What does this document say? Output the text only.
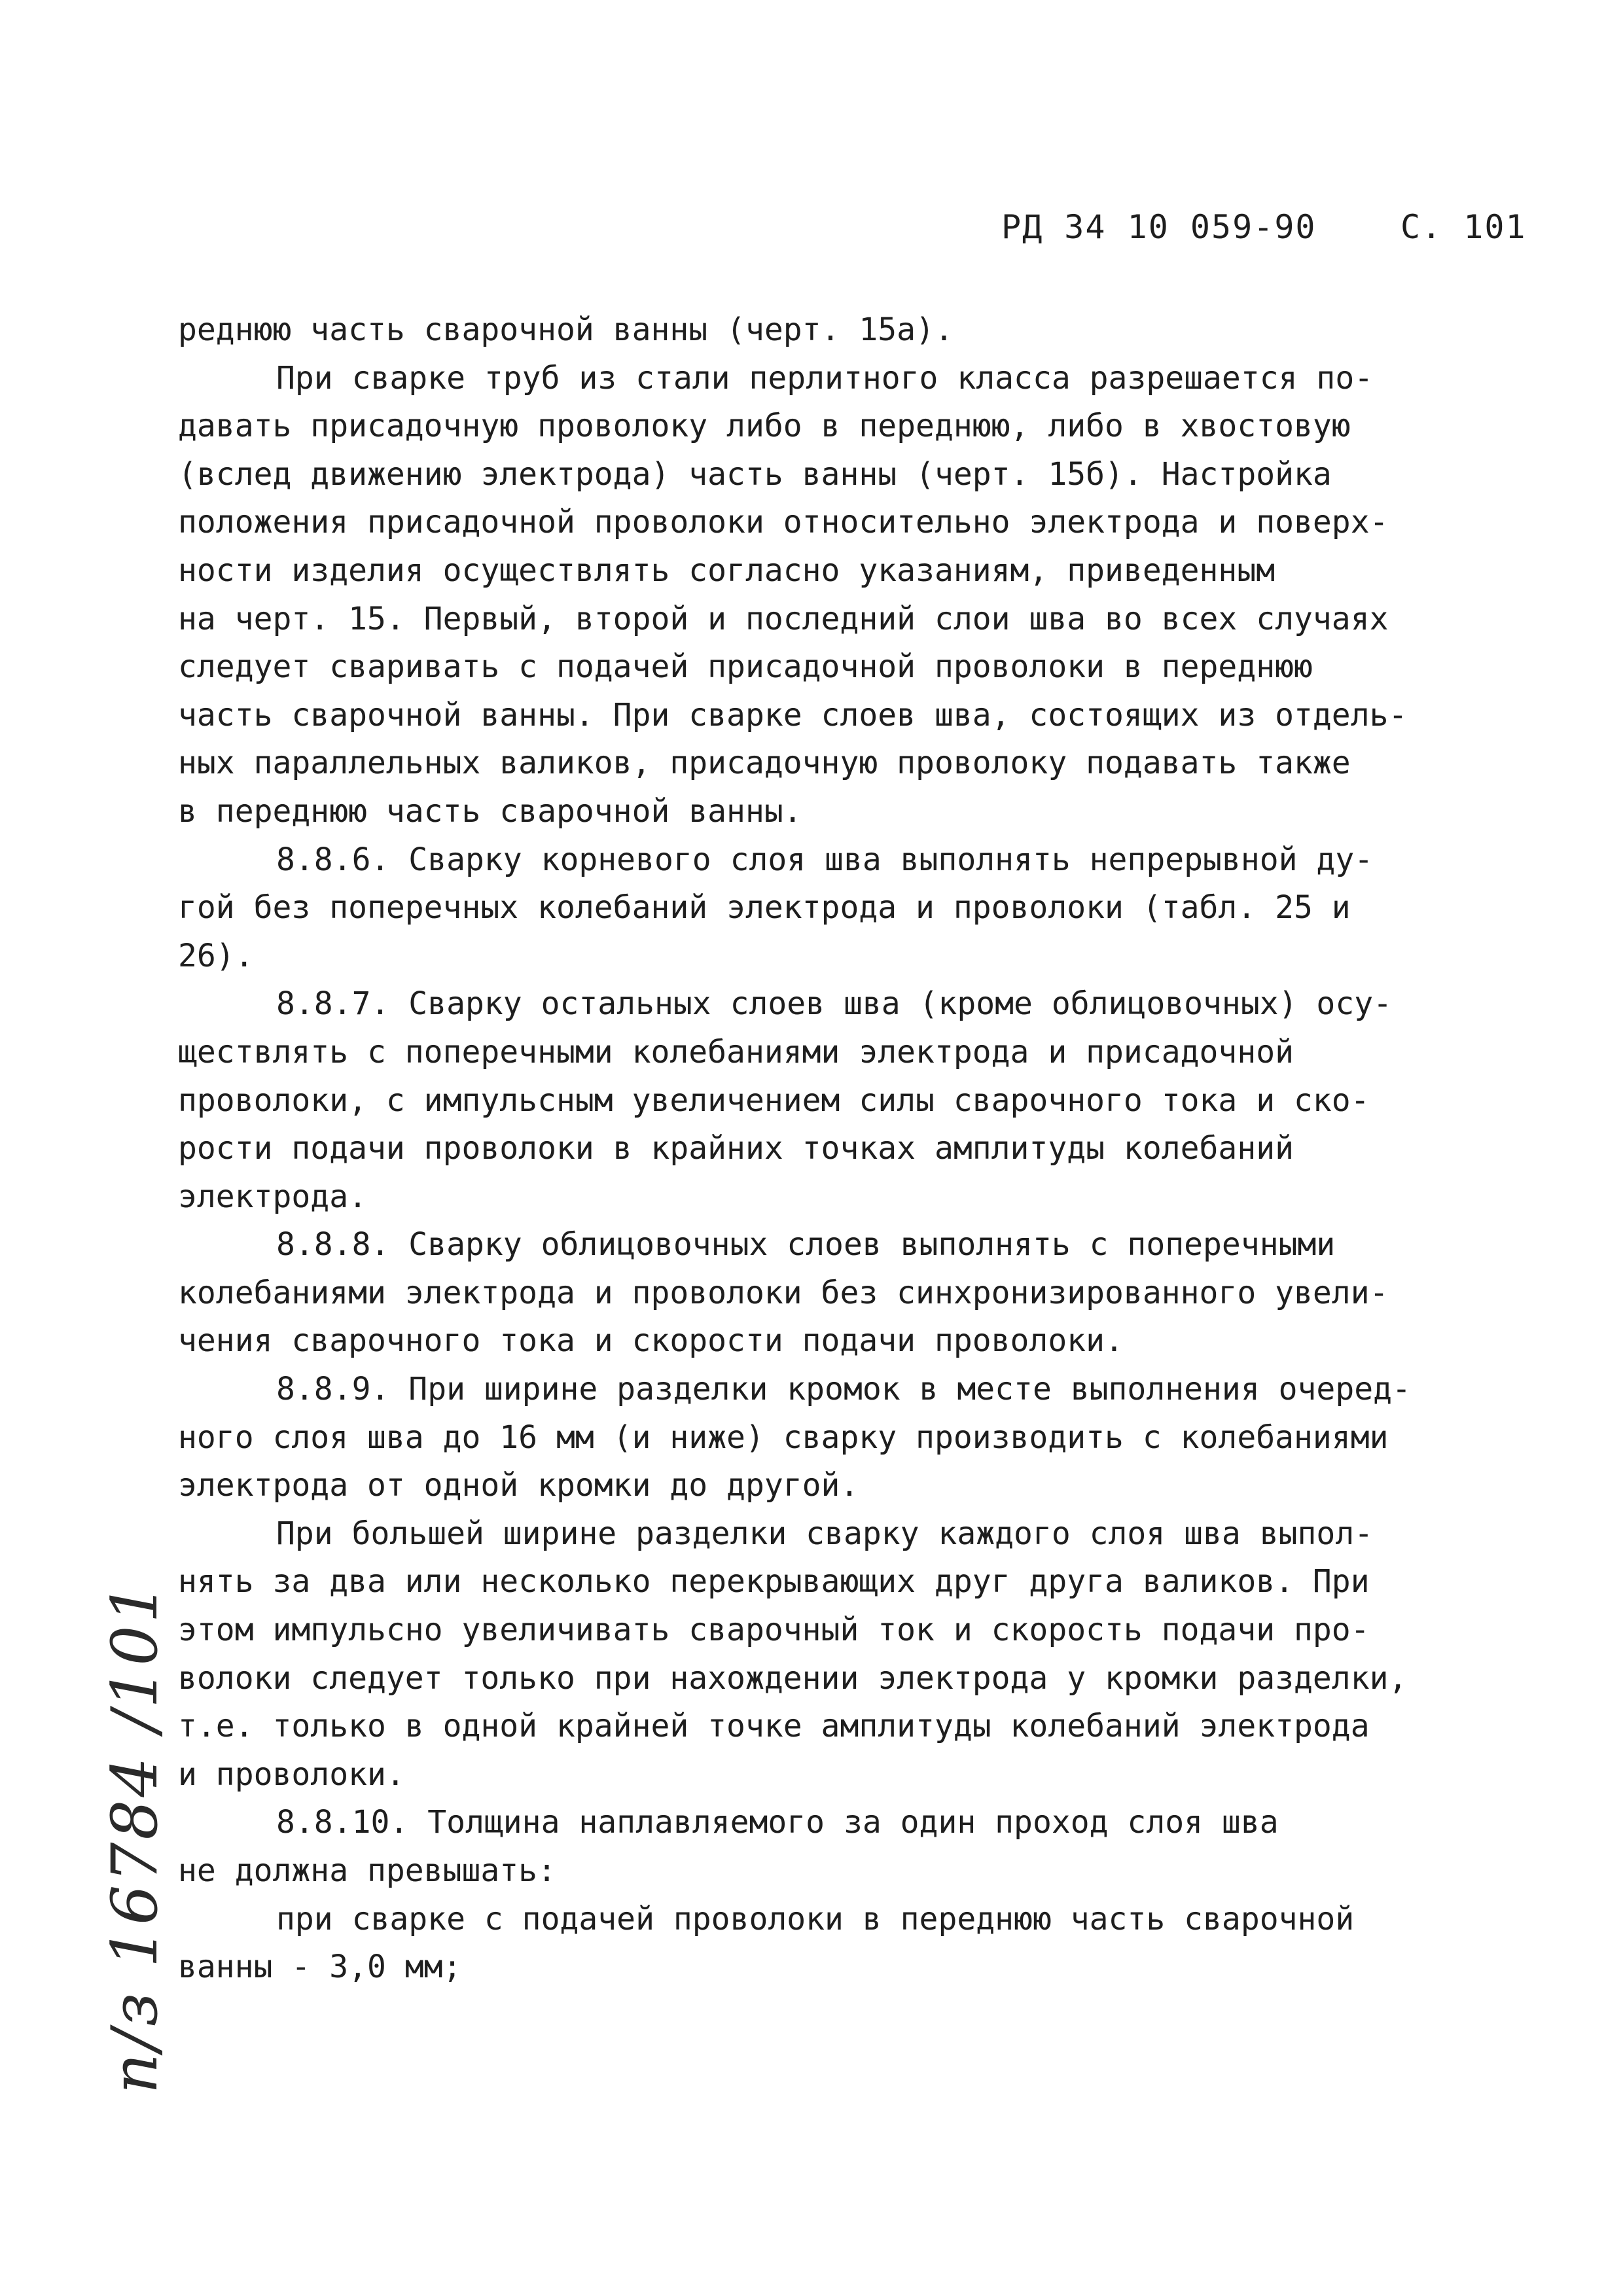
РД 34 10 059-90	С. 101
реднюю часть сварочной ванны (черт. 15а).
При сварке труб из стали перлитного класса разрешается по-
давать присадочную проволоку либо в переднюю, либо в хвостовую
(вслед движению электрода) часть ванны (черт. 15б). Настройка
положения присадочной проволоки относительно электрода и поверх-
ности изделия осуществлять согласно указаниям, приведенным
на черт. 15. Первый, второй и последний слои шва во всех случаях
следует сваривать с подачей присадочной проволоки в переднюю
часть сварочной ванны. При сварке слоев шва, состоящих из отдель-
ных параллельных валиков, присадочную проволоку подавать также
в переднюю часть сварочной ванны.
8.8.6. Сварку корневого слоя шва выполнять непрерывной ду-
гой без поперечных колебаний электрода и проволоки (табл. 25 и
26).
8.8.7. Сварку остальных слоев шва (кроме облицовочных) осу-
ществлять с поперечными колебаниями электрода и присадочной
проволоки, с импульсным увеличением силы сварочного тока и ско-
рости подачи проволоки в крайних точках амплитуды колебаний
электрода.
8.8.8. Сварку облицовочных слоев выполнять с поперечными
колебаниями электрода и проволоки без синхронизированного увели-
чения сварочного тока и скорости подачи проволоки.
8.8.9. При ширине разделки кромок в месте выполнения очеред-
ного слоя шва до 16 мм (и ниже) сварку производить с колебаниями
электрода от одной кромки до другой.
При большей ширине разделки сварку каждого слоя шва выпол-
нять за два или несколько перекрывающих друг друга валиков. При
этом импульсно увеличивать сварочный ток и скорость подачи про-
волоки следует только при нахождении электрода у кромки разделки,
т.е. только в одной крайней точке амплитуды колебаний электрода
и проволоки.
8.8.10. Толщина наплавляемого за один проход слоя шва
не должна превышать:
при сварке с подачей проволоки в переднюю часть сварочной
ванны - 3,0 мм;
п/з 16784 /101
